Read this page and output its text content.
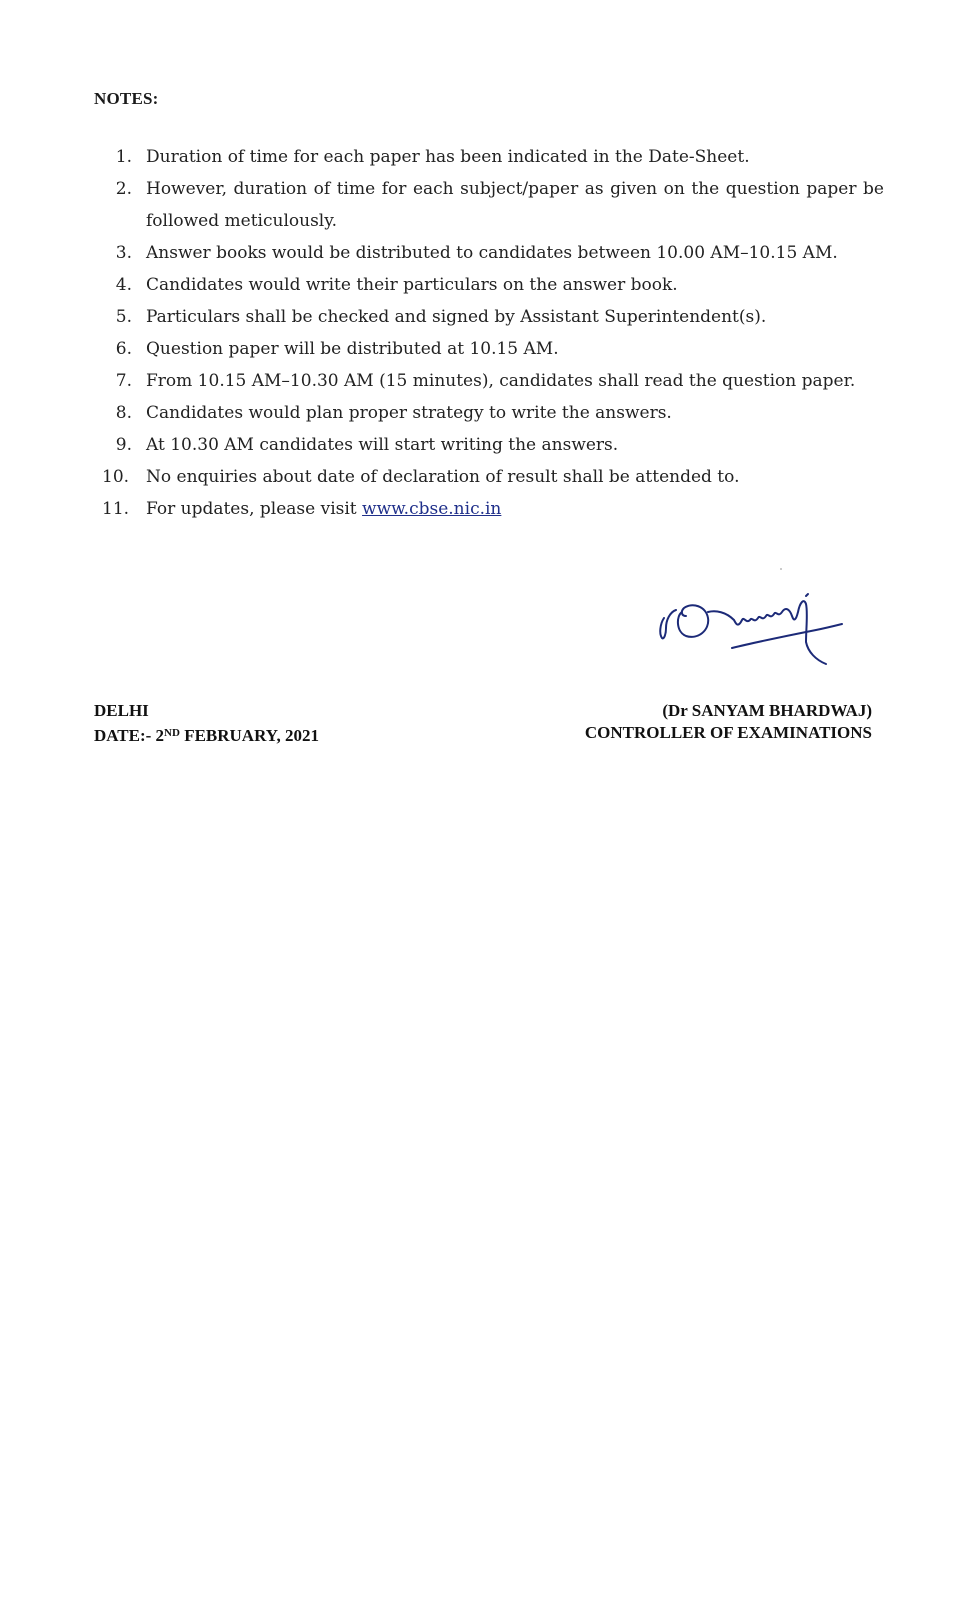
NOTES:

1. Duration of time for each paper has been indicated in the Date-Sheet.
2. However, duration of time for each subject/paper as given on the question paper be followed meticulously.
3. Answer books would be distributed to candidates between 10.00 AM–10.15 AM.
4. Candidates would write their particulars on the answer book.
5. Particulars shall be checked and signed by Assistant Superintendent(s).
6. Question paper will be distributed at 10.15 AM.
7. From 10.15 AM–10.30 AM (15 minutes), candidates shall read the question paper.
8. Candidates would plan proper strategy to write the answers.
9. At 10.30 AM candidates will start writing the answers.
10. No enquiries about date of declaration of result shall be attended to.
11. For updates, please visit www.cbse.nic.in
DELHI
DATE:- 2ND FEBRUARY, 2021
(Dr SANYAM BHARDWAJ)
CONTROLLER OF EXAMINATIONS
